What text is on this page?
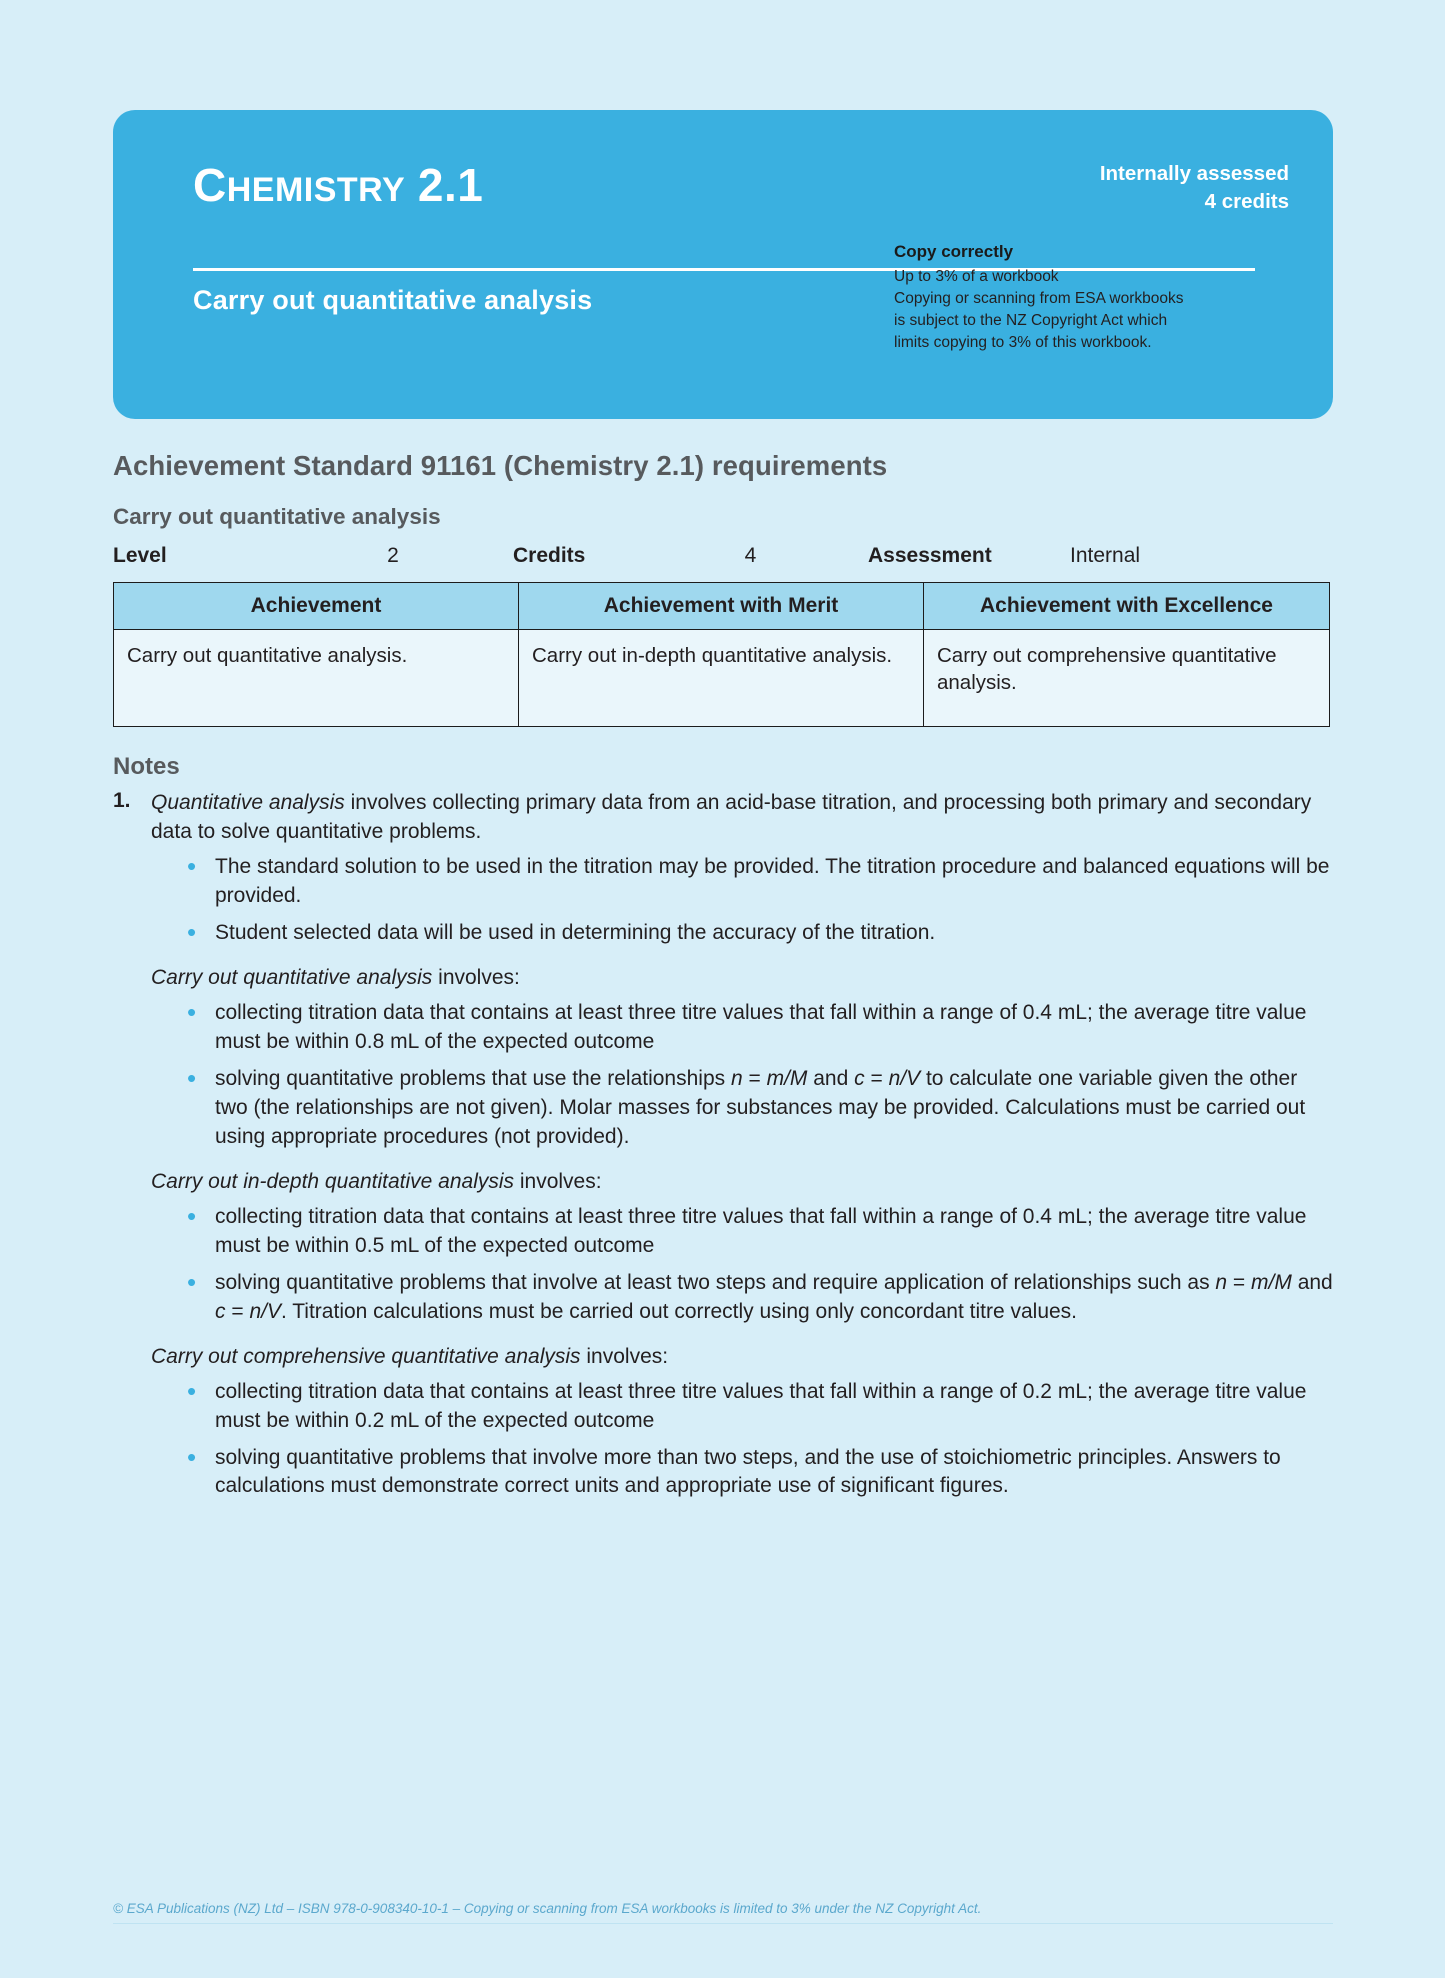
CHEMISTRY 2.1
Carry out quantitative analysis
Internally assessed
4 credits
Copy correctly
Up to 3% of a workbook
Copying or scanning from ESA workbooks
is subject to the NZ Copyright Act which
limits copying to 3% of this workbook.
Achievement Standard 91161 (Chemistry 2.1) requirements
Carry out quantitative analysis
Level	2	Credits	4	Assessment	Internal
Achievement	Achievement with Merit	Achievement with Excellence
Carry out quantitative analysis.	Carry out in-depth quantitative analysis.	Carry out comprehensive quantitative analysis.
Notes
1. Quantitative analysis involves collecting primary data from an acid-base titration, and processing both primary and secondary data to solve quantitative problems.
• The standard solution to be used in the titration may be provided. The titration procedure and balanced equations will be provided.
• Student selected data will be used in determining the accuracy of the titration.

Carry out quantitative analysis involves:

• collecting titration data that contains at least three titre values that fall within a range of 0.4 mL; the average titre value must be within 0.8 mL of the expected outcome
• solving quantitative problems that use the relationships n = m/M and c = n/V to calculate one variable given the other two (the relationships are not given). Molar masses for substances may be provided. Calculations must be carried out using appropriate procedures (not provided).

Carry out in-depth quantitative analysis involves:

• collecting titration data that contains at least three titre values that fall within a range of 0.4 mL; the average titre value must be within 0.5 mL of the expected outcome
• solving quantitative problems that involve at least two steps and require application of relationships such as n = m/M and c = n/V. Titration calculations must be carried out correctly using only concordant titre values.

Carry out comprehensive quantitative analysis involves:

• collecting titration data that contains at least three titre values that fall within a range of 0.2 mL; the average titre value must be within 0.2 mL of the expected outcome
• solving quantitative problems that involve more than two steps, and the use of stoichiometric principles. Answers to calculations must demonstrate correct units and appropriate use of significant figures.
© ESA Publications (NZ) Ltd – ISBN 978-0-908340-10-1 – Copying or scanning from ESA workbooks is limited to 3% under the NZ Copyright Act.
